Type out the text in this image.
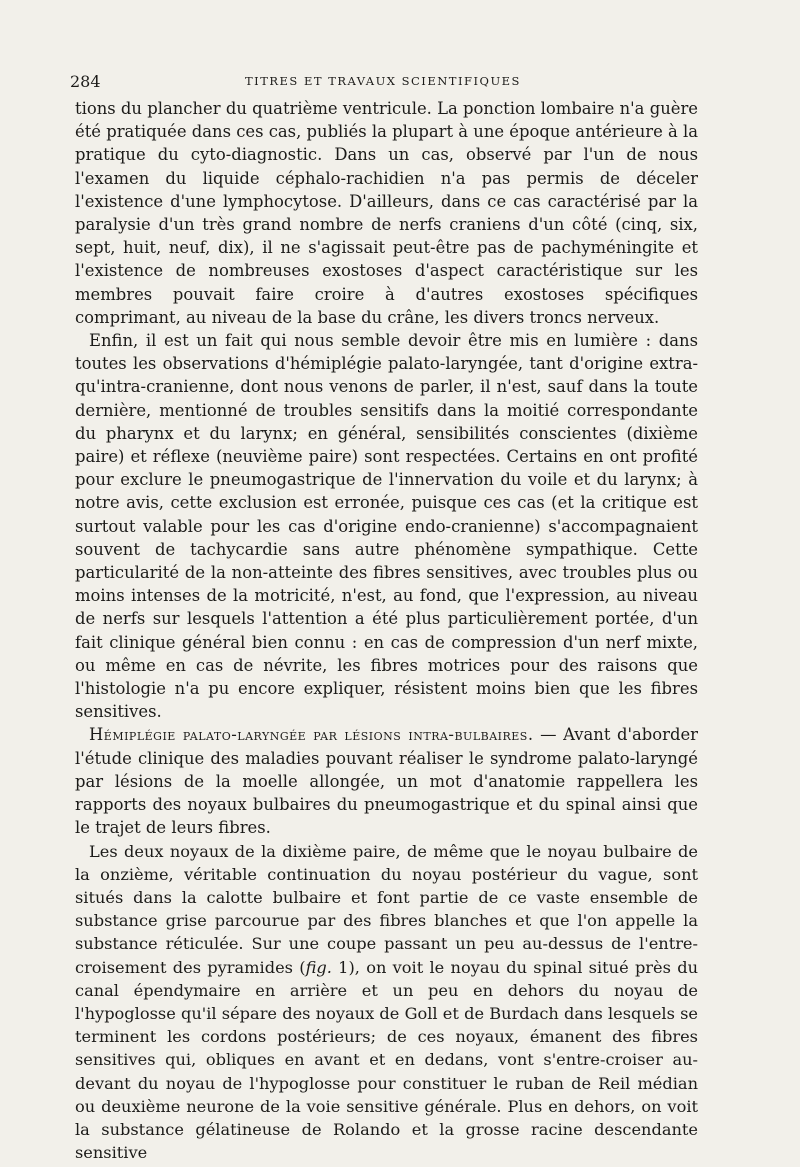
284	TITRES ET TRAVAUX SCIENTIFIQUES

tions du plancher du quatrième ventricule. La ponction lombaire n'a guère été pratiquée dans ces cas, publiés la plupart à une époque antérieure à la pratique du cyto-diagnostic. Dans un cas, observé par l'un de nous l'examen du liquide céphalo-rachidien n'a pas permis de déceler l'existence d'une lymphocytose. D'ailleurs, dans ce cas caractérisé par la paralysie d'un très grand nombre de nerfs craniens d'un côté (cinq, six, sept, huit, neuf, dix), il ne s'agissait peut-être pas de pachyméningite et l'existence de nombreuses exostoses d'aspect caractéristique sur les membres pouvait faire croire à d'autres exostoses spécifiques comprimant, au niveau de la base du crâne, les divers troncs nerveux.

Enfin, il est un fait qui nous semble devoir être mis en lumière : dans toutes les observations d'hémiplégie palato-laryngée, tant d'origine extra- qu'intra-cranienne, dont nous venons de parler, il n'est, sauf dans la toute dernière, mentionné de troubles sensitifs dans la moitié correspondante du pharynx et du larynx; en général, sensibilités conscientes (dixième paire) et réflexe (neuvième paire) sont respectées. Certains en ont profité pour exclure le pneumogastrique de l'innervation du voile et du larynx; à notre avis, cette exclusion est erronée, puisque ces cas (et la critique est surtout valable pour les cas d'origine endo-cranienne) s'accompagnaient souvent de tachycardie sans autre phénomène sympathique. Cette particularité de la non-atteinte des fibres sensitives, avec troubles plus ou moins intenses de la motricité, n'est, au fond, que l'expression, au niveau de nerfs sur lesquels l'attention a été plus particulièrement portée, d'un fait clinique général bien connu : en cas de compression d'un nerf mixte, ou même en cas de névrite, les fibres motrices pour des raisons que l'histologie n'a pu encore expliquer, résistent moins bien que les fibres sensitives.

Hémiplégie palato-laryngée par lésions intra-bulbaires. — Avant d'aborder l'étude clinique des maladies pouvant réaliser le syndrome palato-laryngé par lésions de la moelle allongée, un mot d'anatomie rappellera les rapports des noyaux bulbaires du pneumogastrique et du spinal ainsi que le trajet de leurs fibres.

Les deux noyaux de la dixième paire, de même que le noyau bulbaire de la onzième, véritable continuation du noyau postérieur du vague, sont situés dans la calotte bulbaire et font partie de ce vaste ensemble de substance grise parcourue par des fibres blanches et que l'on appelle la substance réticulée. Sur une coupe passant un peu au-dessus de l'entre-croisement des pyramides (fig. 1), on voit le noyau du spinal situé près du canal épendymaire en arrière et un peu en dehors du noyau de l'hypoglosse qu'il sépare des noyaux de Goll et de Burdach dans lesquels se terminent les cordons postérieurs; de ces noyaux, émanent des fibres sensitives qui, obliques en avant et en dedans, vont s'entre-croiser au-devant du noyau de l'hypoglosse pour constituer le ruban de Reil médian ou deuxième neurone de la voie sensitive générale. Plus en dehors, on voit la substance gélatineuse de Rolando et la grosse racine descendante sensitive
